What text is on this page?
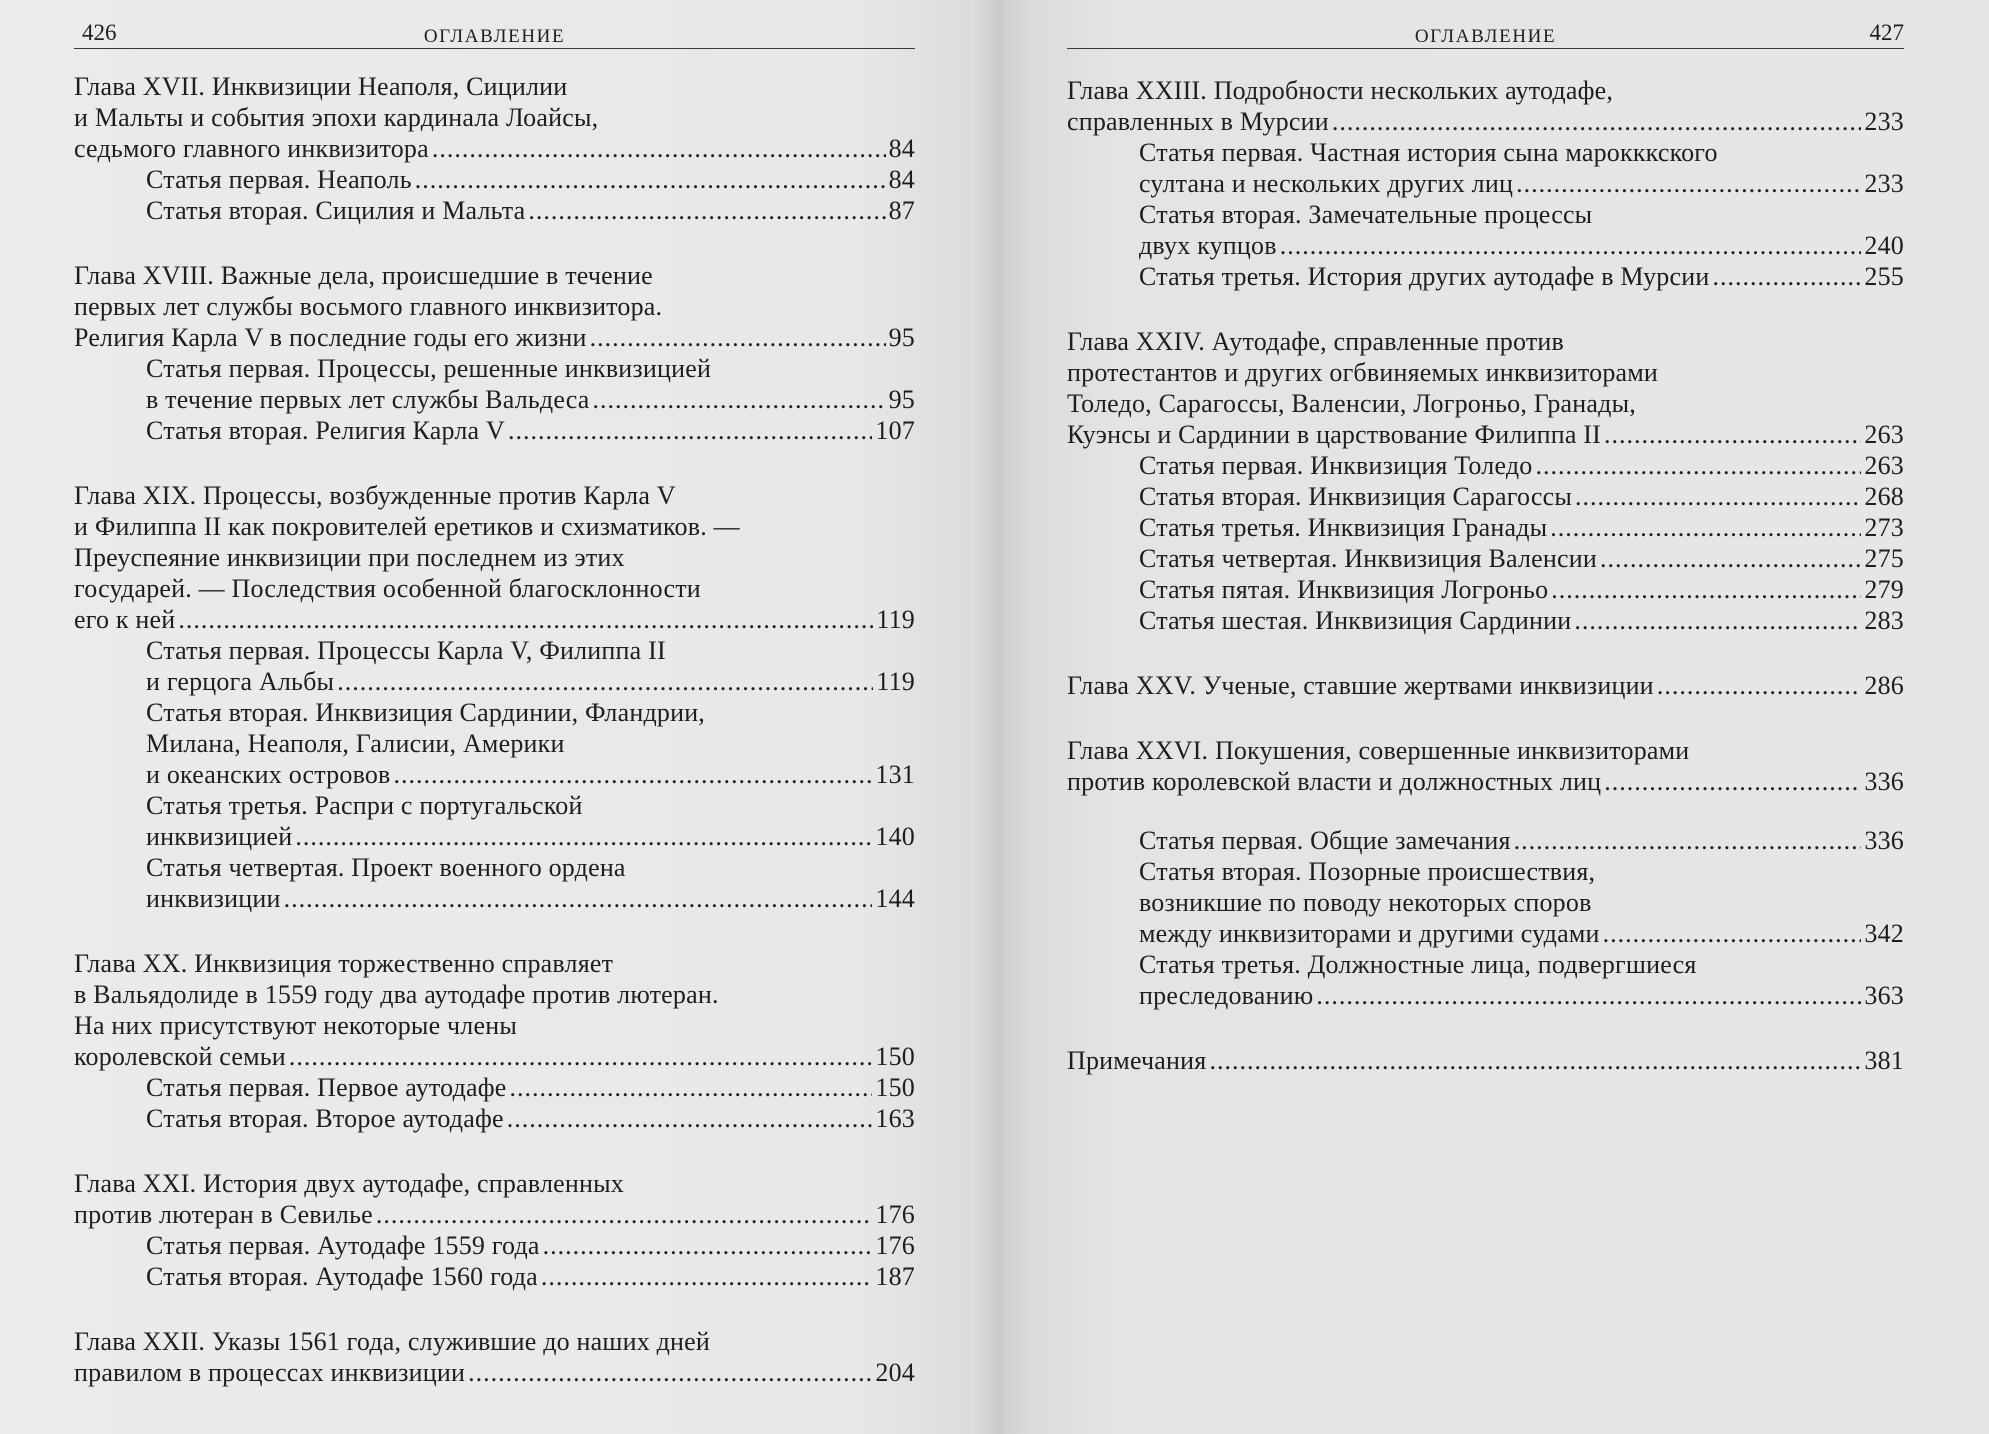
426	ОГЛАВЛЕНИЕ
Глава XVII. Инквизиции Неаполя, Сицилии
и Мальты и события эпохи кардинала Лоайсы,
седьмого главного инквизитора .....	84
Статья первая. Неаполь .....	84
Статья вторая. Сицилия и Мальта .....	87
Глава XVIII. Важные дела, происшедшие в течение
первых лет службы восьмого главного инквизитора.
Религия Карла V в последние годы его жизни .....	95
Статья первая. Процессы, решенные инквизицией
в течение первых лет службы Вальдеса .....	95
Статья вторая. Религия Карла V .....	107
Глава XIX. Процессы, возбужденные против Карла V
и Филиппа II как покровителей еретиков и схизматиков. —
Преуспеяние инквизиции при последнем из этих
государей. — Последствия особенной благосклонности
его к ней .....	119
Статья первая. Процессы Карла V, Филиппа II
и герцога Альбы .....	119
Статья вторая. Инквизиция Сардинии, Фландрии,
Милана, Неаполя, Галисии, Америки
и океанских островов .....	131
Статья третья. Распри с португальской
инквизицией .....	140
Статья четвертая. Проект военного ордена
инквизиции .....	144
Глава XX. Инквизиция торжественно справляет
в Вальядолиде в 1559 году два аутодафе против лютеран.
На них присутствуют некоторые члены
королевской семьи .....	150
Статья первая. Первое аутодафе .....	150
Статья вторая. Второе аутодафе .....	163
Глава XXI. История двух аутодафе, справленных
против лютеран в Севилье .....	176
Статья первая. Аутодафе 1559 года .....	176
Статья вторая. Аутодафе 1560 года .....	187
Глава XXII. Указы 1561 года, служившие до наших дней
правилом в процессах инквизиции .....	204
ОГЛАВЛЕНИЕ	427
Глава XXIII. Подробности нескольких аутодафе,
справленных в Мурсии .....	233
Статья первая. Частная история сына марокккского
султана и нескольких других лиц .....	233
Статья вторая. Замечательные процессы
двух купцов .....	240
Статья третья. История других аутодафе в Мурсии .....	255
Глава XXIV. Аутодафе, справленные против
протестантов и других огбвиняемых инквизиторами
Толедо, Сарагоссы, Валенсии, Логроньо, Гранады,
Куэнсы и Сардинии в царствование Филиппа II .....	263
Статья первая. Инквизиция Толедо .....	263
Статья вторая. Инквизиция Сарагоссы .....	268
Статья третья. Инквизиция Гранады .....	273
Статья четвертая. Инквизиция Валенсии .....	275
Статья пятая. Инквизиция Логроньо .....	279
Статья шестая. Инквизиция Сардинии .....	283
Глава XXV. Ученые, ставшие жертвами инквизиции .....	286
Глава XXVI. Покушения, совершенные инквизиторами
против королевской власти и должностных лиц .....	336
Статья первая. Общие замечания .....	336
Статья вторая. Позорные происшествия,
возникшие по поводу некоторых споров
между инквизиторами и другими судами .....	342
Статья третья. Должностные лица, подвергшиеся
преследованию .....	363
Примечания .....	381
